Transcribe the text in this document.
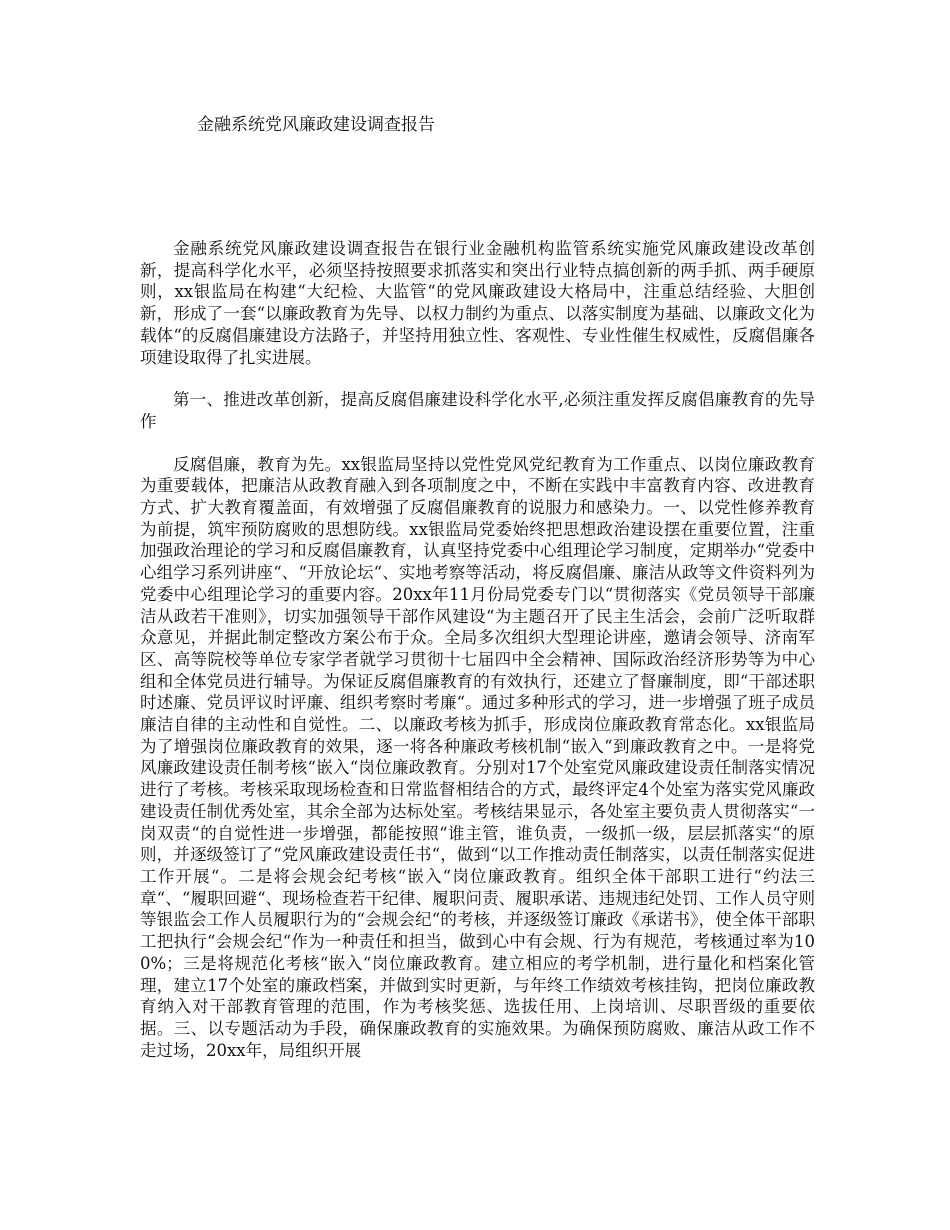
金融系统党风廉政建设调查报告

金融系统党风廉政建设调查报告在银行业金融机构监管系统实施党风廉政建设改革创新，提高科学化水平，必须坚持按照要求抓落实和突出行业特点搞创新的两手抓、两手硬原则，xx银监局在构建“大纪检、大监管“的党风廉政建设大格局中，注重总结经验、大胆创新，形成了一套“以廉政教育为先导、以权力制约为重点、以落实制度为基础、以廉政文化为载体“的反腐倡廉建设方法路子，并坚持用独立性、客观性、专业性催生权威性，反腐倡廉各项建设取得了扎实进展。

第一、推进改革创新，提高反腐倡廉建设科学化水平,必须注重发挥反腐倡廉教育的先导作

反腐倡廉，教育为先。xx银监局坚持以党性党风党纪教育为工作重点、以岗位廉政教育为重要载体，把廉洁从政教育融入到各项制度之中，不断在实践中丰富教育内容、改进教育方式、扩大教育覆盖面，有效增强了反腐倡廉教育的说服力和感染力。一、以党性修养教育为前提，筑牢预防腐败的思想防线。xx银监局党委始终把思想政治建设摆在重要位置，注重加强政治理论的学习和反腐倡廉教育，认真坚持党委中心组理论学习制度，定期举办“党委中心组学习系列讲座“、“开放论坛“、实地考察等活动，将反腐倡廉、廉洁从政等文件资料列为党委中心组理论学习的重要内容。20xx年11月份局党委专门以“贯彻落实《党员领导干部廉洁从政若干准则》，切实加强领导干部作风建设“为主题召开了民主生活会，会前广泛听取群众意见，并据此制定整改方案公布于众。全局多次组织大型理论讲座，邀请会领导、济南军区、高等院校等单位专家学者就学习贯彻十七届四中全会精神、国际政治经济形势等为中心组和全体党员进行辅导。为保证反腐倡廉教育的有效执行，还建立了督廉制度，即“干部述职时述廉、党员评议时评廉、组织考察时考廉“。通过多种形式的学习，进一步增强了班子成员廉洁自律的主动性和自觉性。二、以廉政考核为抓手，形成岗位廉政教育常态化。xx银监局为了增强岗位廉政教育的效果，逐一将各种廉政考核机制“嵌入“到廉政教育之中。一是将党风廉政建设责任制考核“嵌入“岗位廉政教育。分别对17个处室党风廉政建设责任制落实情况进行了考核。考核采取现场检查和日常监督相结合的方式，最终评定4个处室为落实党风廉政建设责任制优秀处室，其余全部为达标处室。考核结果显示，各处室主要负责人贯彻落实“一岗双责“的自觉性进一步增强，都能按照“谁主管，谁负责，一级抓一级，层层抓落实“的原则，并逐级签订了“党风廉政建设责任书“，做到“以工作推动责任制落实，以责任制落实促进工作开展“。二是将会规会纪考核“嵌入“岗位廉政教育。组织全体干部职工进行“约法三章“、“履职回避“、现场检查若干纪律、履职问责、履职承诺、违规违纪处罚、工作人员守则等银监会工作人员履职行为的“会规会纪“的考核，并逐级签订廉政《承诺书》，使全体干部职工把执行“会规会纪“作为一种责任和担当，做到心中有会规、行为有规范，考核通过率为100%；三是将规范化考核“嵌入“岗位廉政教育。建立相应的考学机制，进行量化和档案化管理，建立17个处室的廉政档案，并做到实时更新，与年终工作绩效考核挂钩，把岗位廉政教育纳入对干部教育管理的范围，作为考核奖惩、选拔任用、上岗培训、尽职晋级的重要依据。三、以专题活动为手段，确保廉政教育的实施效果。为确保预防腐败、廉洁从政工作不走过场，20xx年，局组织开展
